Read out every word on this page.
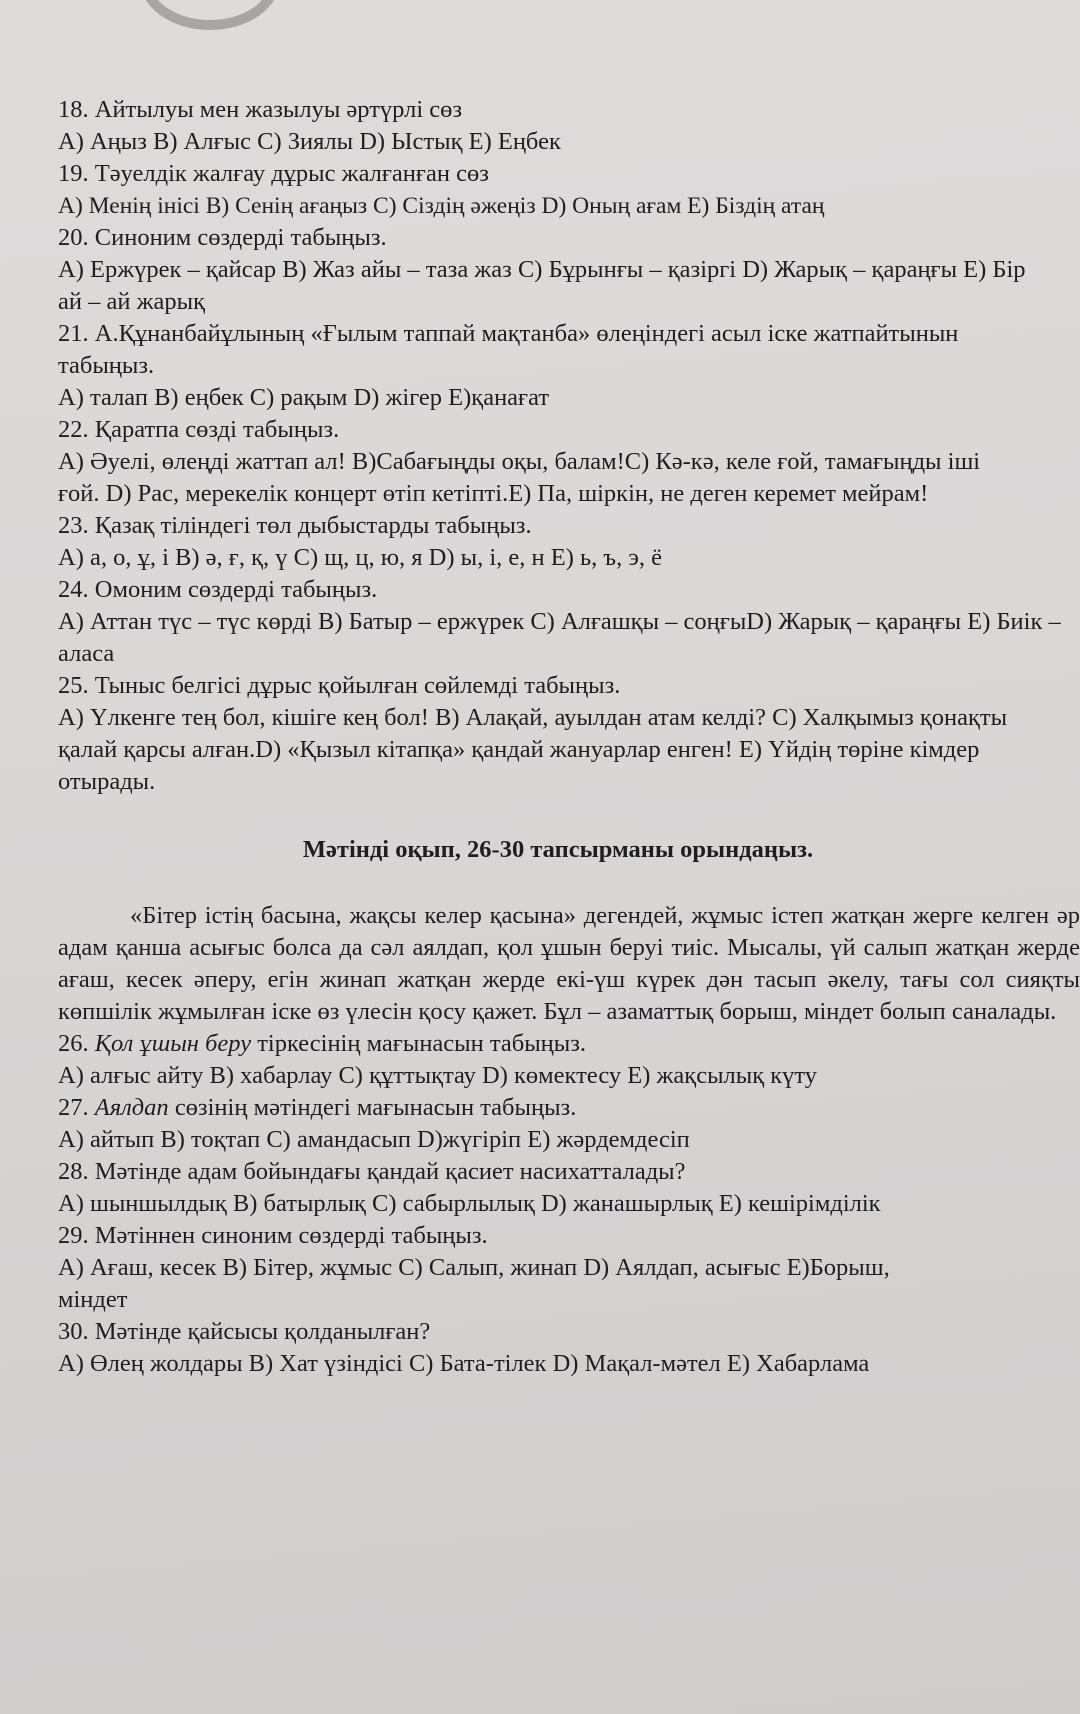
18. Айтылуы мен жазылуы әртүрлі сөз

А) Аңыз В) Алғыс С) Зиялы D) Ыстық Е) Еңбек

19. Тәуелдік жалғау дұрыс жалғанған сөз

А) Менің інісі В) Сенің ағаңыз С) Сіздің әжеңіз D) Оның ағам Е) Біздің атаң

20. Синоним сөздерді табыңыз.

А) Ержүрек – қайсар В) Жаз айы – таза жаз С) Бұрынғы – қазіргі D) Жарық – қараңғы Е) Бір ай – ай жарық

21. А.Құнанбайұлының «Ғылым таппай мақтанба» өлеңіндегі асыл іске жатпайтынын табыңыз.

А) талап В) еңбек С) рақым D) жігер Е)қанағат

22. Қаратпа сөзді табыңыз.

А) Әуелі, өлеңді жаттап ал! В)Сабағыңды оқы, балам!С) Кә-кә, келе ғой, тамағыңды іші ғой. D) Рас, мерекелік концерт өтіп кетіпті.Е) Па, шіркін, не деген керемет мейрам!

23. Қазақ тіліндегі төл дыбыстарды табыңыз.

А) а, о, ұ, і В) ә, ғ, қ, ү С) щ, ц, ю, я D) ы, і, е, н Е) ь, ъ, э, ё

24. Омоним сөздерді табыңыз.

А) Аттан түс – түс көрді В) Батыр – ержүрек С) Алғашқы – соңғыD) Жарық – қараңғы Е) Биік – аласа

25. Тыныс белгісі дұрыс қойылған сөйлемді табыңыз.

А) Үлкенге тең бол, кішіге кең бол! В) Алақай, ауылдан атам келді? С) Халқымыз қонақты қалай қарсы алған.D) «Қызыл кітапқа» қандай жануарлар енген! Е) Үйдің төріне кімдер отырады.

Мәтінді оқып, 26-30 тапсырманы орындаңыз.

«Бітер істің басына, жақсы келер қасына» дегендей, жұмыс істеп жатқан жерге келген әр адам қанша асығыс болса да сәл аялдап, қол ұшын беруі тиіс. Мысалы, үй салып жатқан жерде ағаш, кесек әперу, егін жинап жатқан жерде екі-үш күрек дән тасып әкелу, тағы сол сияқты көпшілік жұмылған іске өз үлесін қосу қажет. Бұл – азаматтық борыш, міндет болып саналады.

26. Қол ұшын беру тіркесінің мағынасын табыңыз.

А) алғыс айту В) хабарлау С) құттықтау D) көмектесу Е) жақсылық күту

27. Аялдап сөзінің мәтіндегі мағынасын табыңыз.

А) айтып В) тоқтап С) амандасып D)жүгіріп Е) жәрдемдесіп

28. Мәтінде адам бойындағы қандай қасиет насихатталады?

А) шыншылдық В) батырлық С) сабырлылық D) жанашырлық Е) кешірімділік

29. Мәтіннен синоним сөздерді табыңыз.

А) Ағаш, кесек В) Бітер, жұмыс С) Салып, жинап D) Аялдап, асығыс Е)Борыш, міндет

30. Мәтінде қайсысы қолданылған?

А) Өлең жолдары В) Хат үзіндісі С) Бата-тілек D) Мақал-мәтел Е) Хабарлама
